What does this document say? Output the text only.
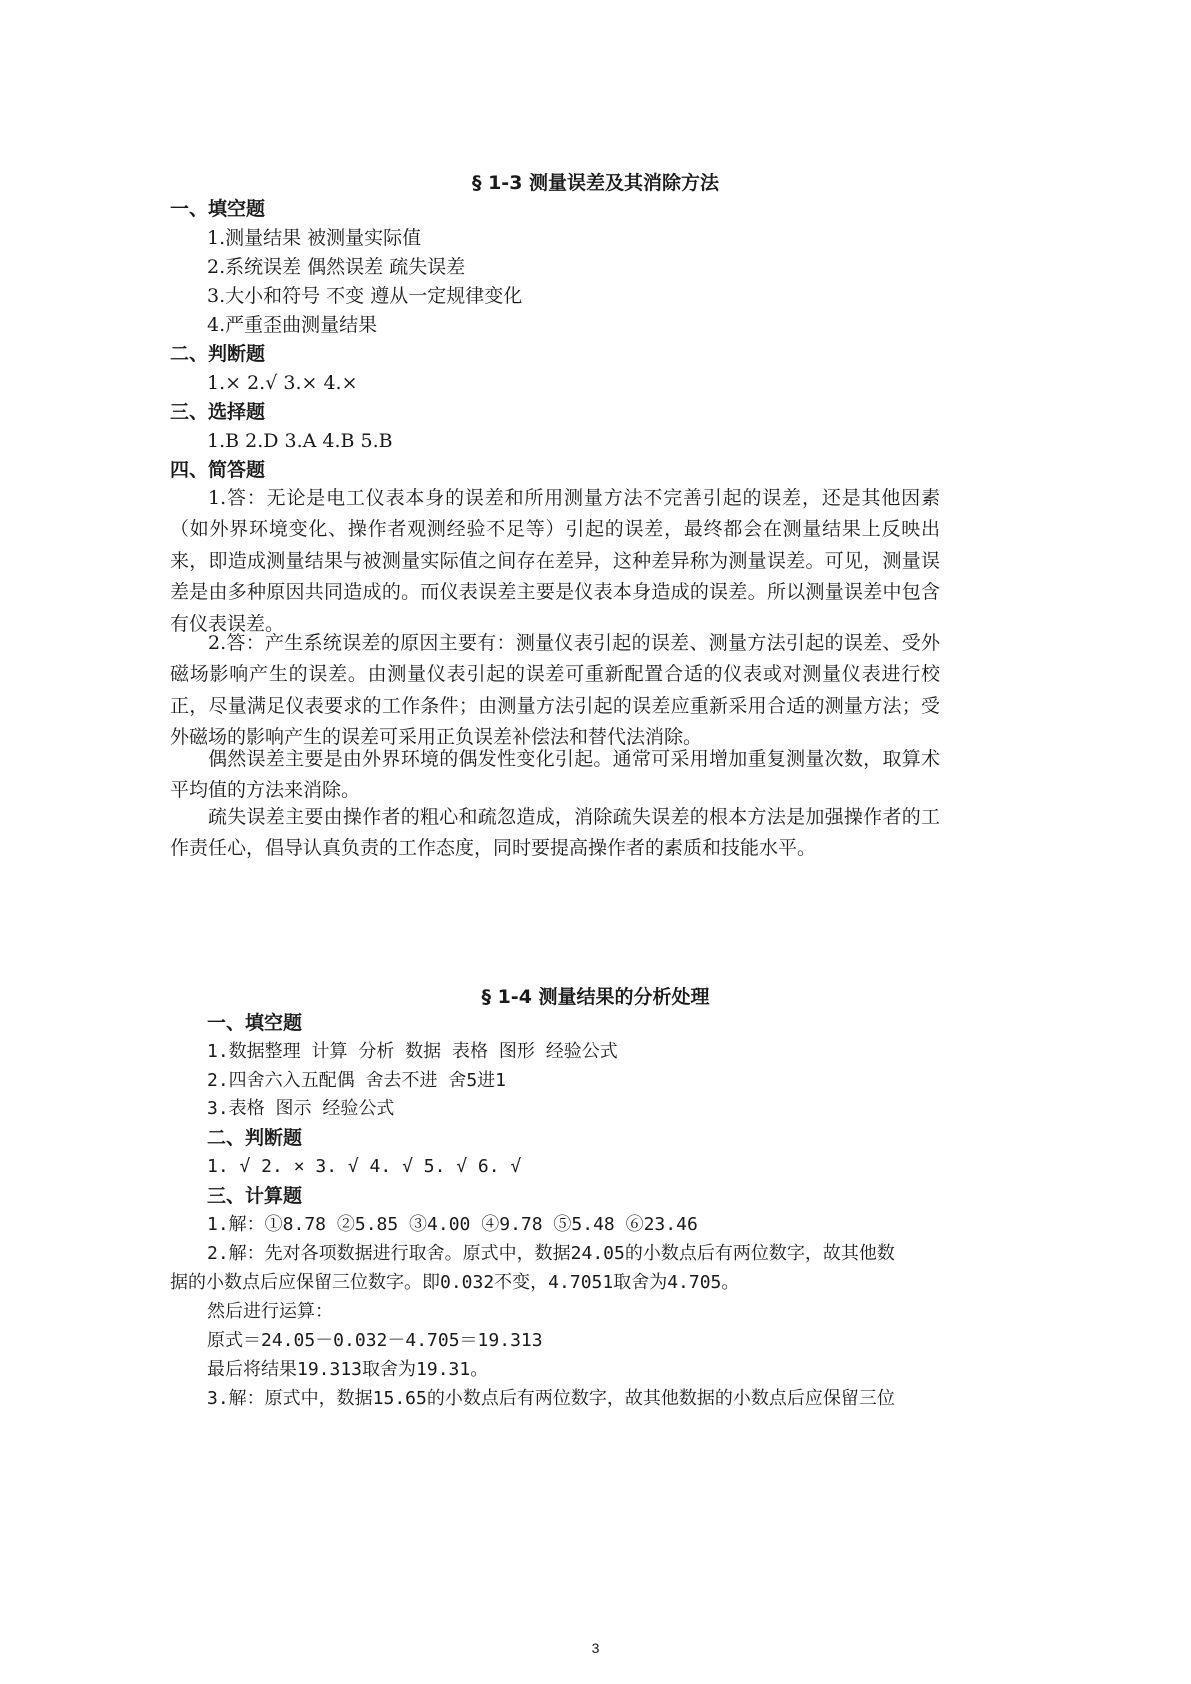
§ 1-3 测量误差及其消除方法
一、填空题
1.测量结果 被测量实际值
2.系统误差 偶然误差 疏失误差
3.大小和符号 不变 遵从一定规律变化
4.严重歪曲测量结果
二、判断题
1.× 2.√ 3.× 4.×
三、选择题
1.B 2.D 3.A 4.B 5.B
四、简答题
1.答：无论是电工仪表本身的误差和所用测量方法不完善引起的误差，还是其他因素（如外界环境变化、操作者观测经验不足等）引起的误差，最终都会在测量结果上反映出来，即造成测量结果与被测量实际值之间存在差异，这种差异称为测量误差。可见，测量误差是由多种原因共同造成的。而仪表误差主要是仪表本身造成的误差。所以测量误差中包含有仪表误差。
2.答：产生系统误差的原因主要有：测量仪表引起的误差、测量方法引起的误差、受外磁场影响产生的误差。由测量仪表引起的误差可重新配置合适的仪表或对测量仪表进行校正，尽量满足仪表要求的工作条件；由测量方法引起的误差应重新采用合适的测量方法；受外磁场的影响产生的误差可采用正负误差补偿法和替代法消除。
偶然误差主要是由外界环境的偶发性变化引起。通常可采用增加重复测量次数，取算术平均值的方法来消除。
疏失误差主要由操作者的粗心和疏忽造成，消除疏失误差的根本方法是加强操作者的工作责任心，倡导认真负责的工作态度，同时要提高操作者的素质和技能水平。
§ 1-4 测量结果的分析处理
一、填空题
1.数据整理 计算 分析 数据 表格 图形 经验公式
2.四舍六入五配偶 舍去不进 舍5进1
3.表格 图示 经验公式
二、判断题
1. √ 2. × 3. √ 4. √ 5. √ 6. √
三、计算题
1.解：①8.78 ②5.85 ③4.00 ④9.78 ⑤5.48 ⑥23.46
2.解：先对各项数据进行取舍。原式中，数据24.05的小数点后有两位数字，故其他数
据的小数点后应保留三位数字。即0.032不变，4.7051取舍为4.705。
然后进行运算：
原式＝24.05－0.032－4.705＝19.313
最后将结果19.313取舍为19.31。
3.解：原式中，数据15.65的小数点后有两位数字，故其他数据的小数点后应保留三位
3
